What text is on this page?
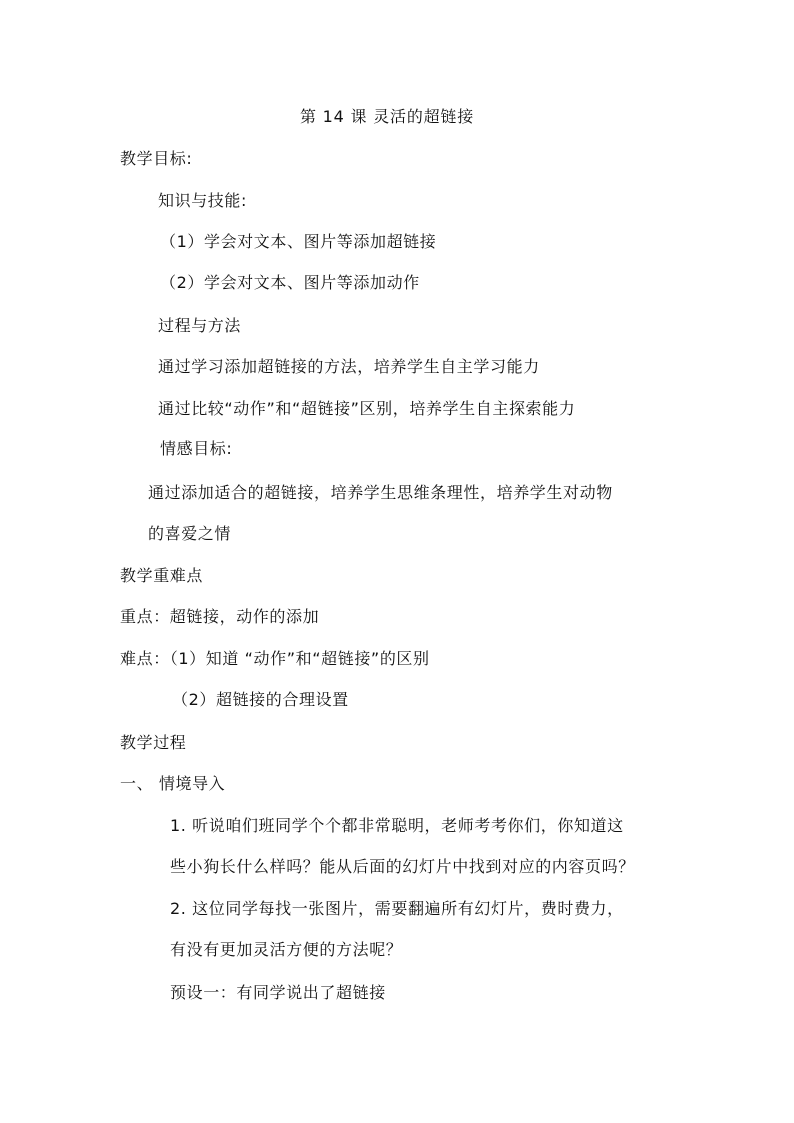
第 14 课 灵活的超链接
教学目标:
知识与技能:
（1）学会对文本、图片等添加超链接
（2）学会对文本、图片等添加动作
过程与方法
通过学习添加超链接的方法，培养学生自主学习能力
通过比较“动作”和“超链接”区别，培养学生自主探索能力
情感目标:
通过添加适合的超链接，培养学生思维条理性，培养学生对动物
的喜爱之情
教学重难点
重点：超链接，动作的添加
难点：（1）知道 “动作”和“超链接”的区别
（2）超链接的合理设置
教学过程
一、 情境导入
1. 听说咱们班同学个个都非常聪明，老师考考你们，你知道这
些小狗长什么样吗？能从后面的幻灯片中找到对应的内容页吗？
2. 这位同学每找一张图片，需要翻遍所有幻灯片，费时费力，
有没有更加灵活方便的方法呢？
预设一：有同学说出了超链接
